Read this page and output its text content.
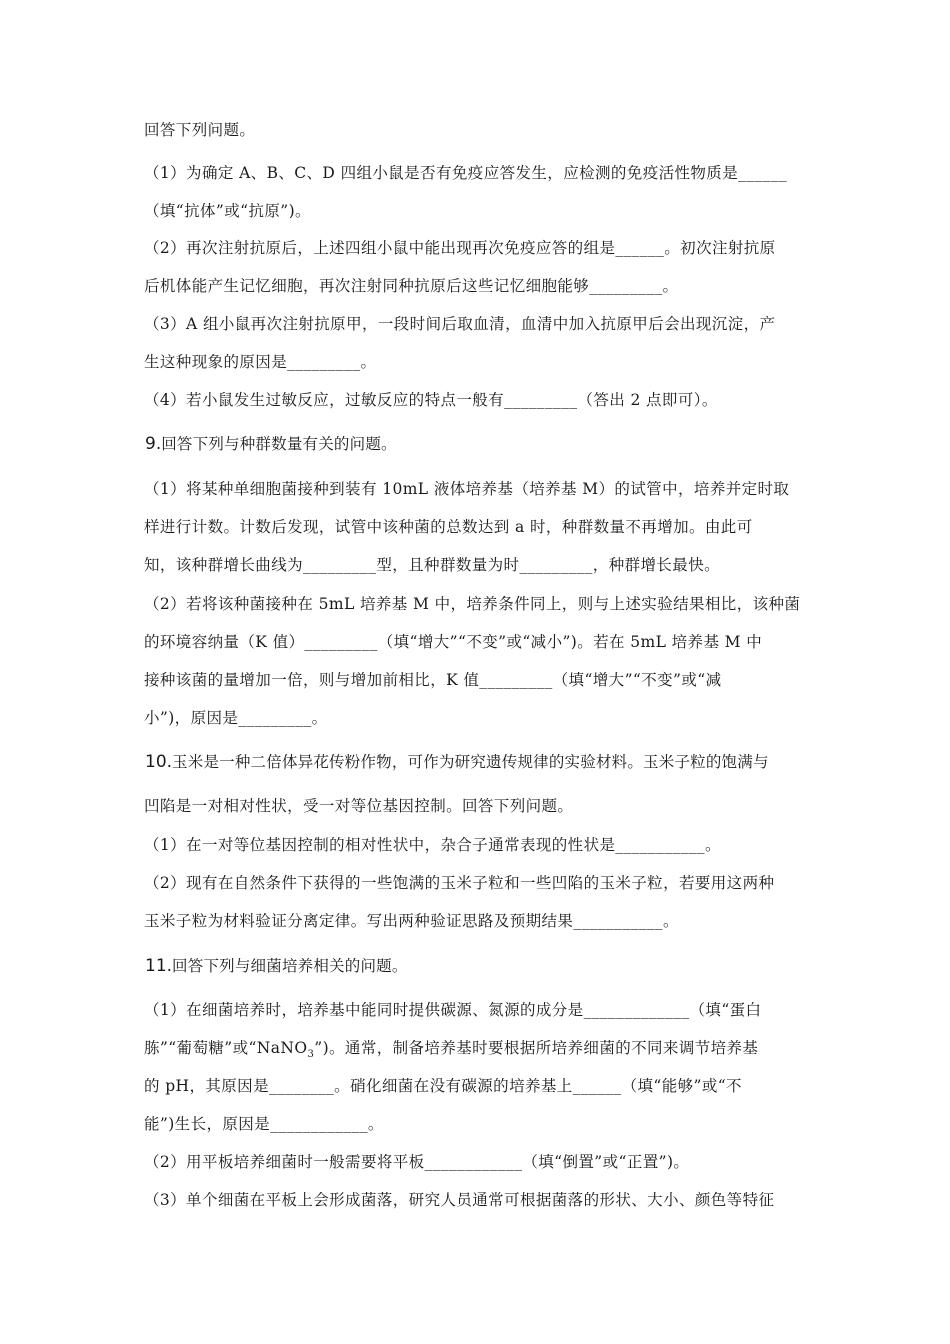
回答下列问题。
（1）为确定 A、B、C、D 四组小鼠是否有免疫应答发生，应检测的免疫活性物质是______
（填“抗体”或“抗原”)。
（2）再次注射抗原后，上述四组小鼠中能出现再次免疫应答的组是______。初次注射抗原
后机体能产生记忆细胞，再次注射同种抗原后这些记忆细胞能够_________。
（3）A 组小鼠再次注射抗原甲，一段时间后取血清，血清中加入抗原甲后会出现沉淀，产
生这种现象的原因是_________。
（4）若小鼠发生过敏反应，过敏反应的特点一般有_________（答出 2 点即可）。
9.回答下列与种群数量有关的问题。
（1）将某种单细胞菌接种到装有 10mL 液体培养基（培养基 M）的试管中，培养并定时取
样进行计数。计数后发现，试管中该种菌的总数达到 a 时，种群数量不再增加。由此可
知，该种群增长曲线为_________型，且种群数量为时_________，种群增长最快。
（2）若将该种菌接种在 5mL 培养基 M 中，培养条件同上，则与上述实验结果相比，该种菌
的环境容纳量（K 值）_________（填“增大”“不变”或“减小”)。若在 5mL 培养基 M 中
接种该菌的量增加一倍，则与增加前相比，K 值_________（填“增大”“不变”或“减
小”)，原因是_________。
10.玉米是一种二倍体异花传粉作物，可作为研究遗传规律的实验材料。玉米子粒的饱满与
凹陷是一对相对性状，受一对等位基因控制。回答下列问题。
（1）在一对等位基因控制的相对性状中，杂合子通常表现的性状是___________。
（2）现有在自然条件下获得的一些饱满的玉米子粒和一些凹陷的玉米子粒，若要用这两种
玉米子粒为材料验证分离定律。写出两种验证思路及预期结果___________。
11.回答下列与细菌培养相关的问题。
（1）在细菌培养时，培养基中能同时提供碳源、氮源的成分是_____________（填“蛋白
胨”“葡萄糖”或“NaNO$_3$”)。通常，制备培养基时要根据所培养细菌的不同来调节培养基
的 pH，其原因是________。硝化细菌在没有碳源的培养基上______（填“能够”或“不
能”)生长，原因是____________。
（2）用平板培养细菌时一般需要将平板____________（填“倒置”或“正置”)。
（3）单个细菌在平板上会形成菌落，研究人员通常可根据菌落的形状、大小、颜色等特征
